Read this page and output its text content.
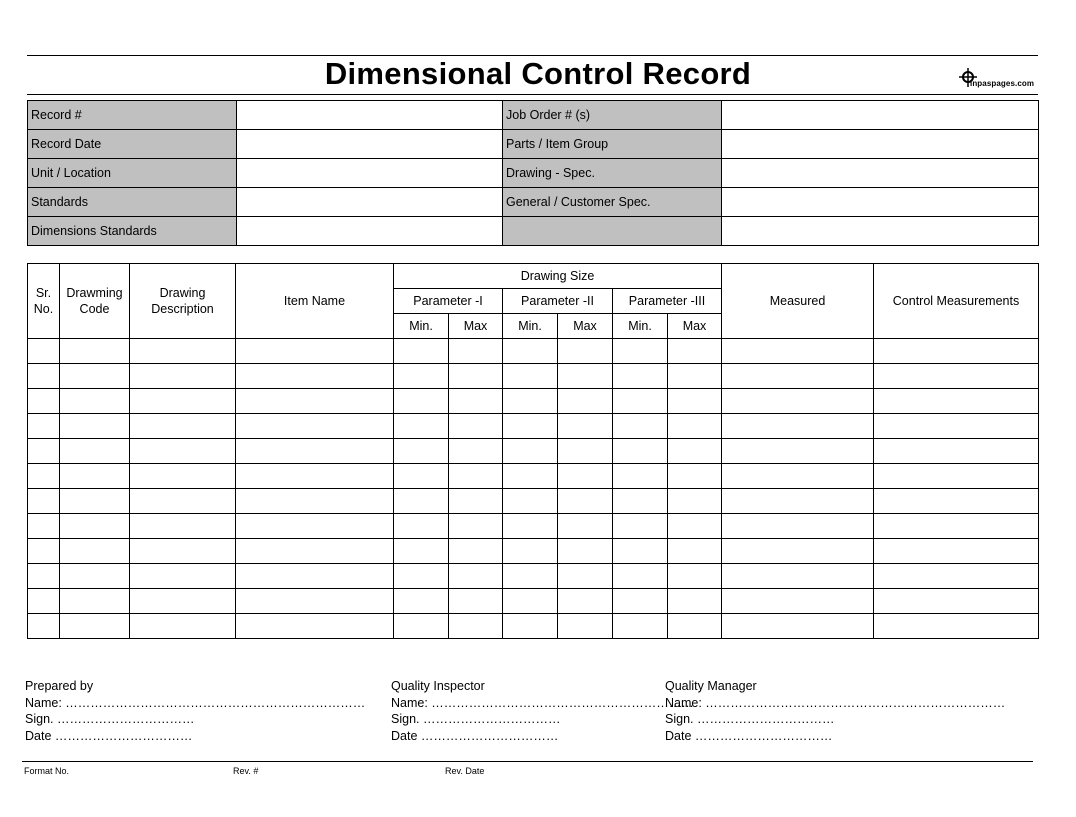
Dimensional Control Record	inpaspages.com
Record #		Job Order # (s)	
Record Date		Parts / Item Group	
Unit / Location		Drawing - Spec.	
Standards		General / Customer Spec.	
Dimensions Standards			
Sr. No.	Drawming Code	Drawing Description	Item Name	Drawing Size						Measured	Control Measurements
				Parameter -I		Parameter -II		Parameter -III			
				Min.	Max	Min.	Max	Min.	Max		

Prepared by
Name: ………………………………………………………………
Sign. ……………………………
Date ……………………………
Quality Inspector
Name: ………………………………………………………
Sign. ……………………………
Date ……………………………
Quality Manager
Name: ………………………………………………………………
Sign. ……………………………
Date ……………………………
Format No.	Rev. #	Rev. Date
